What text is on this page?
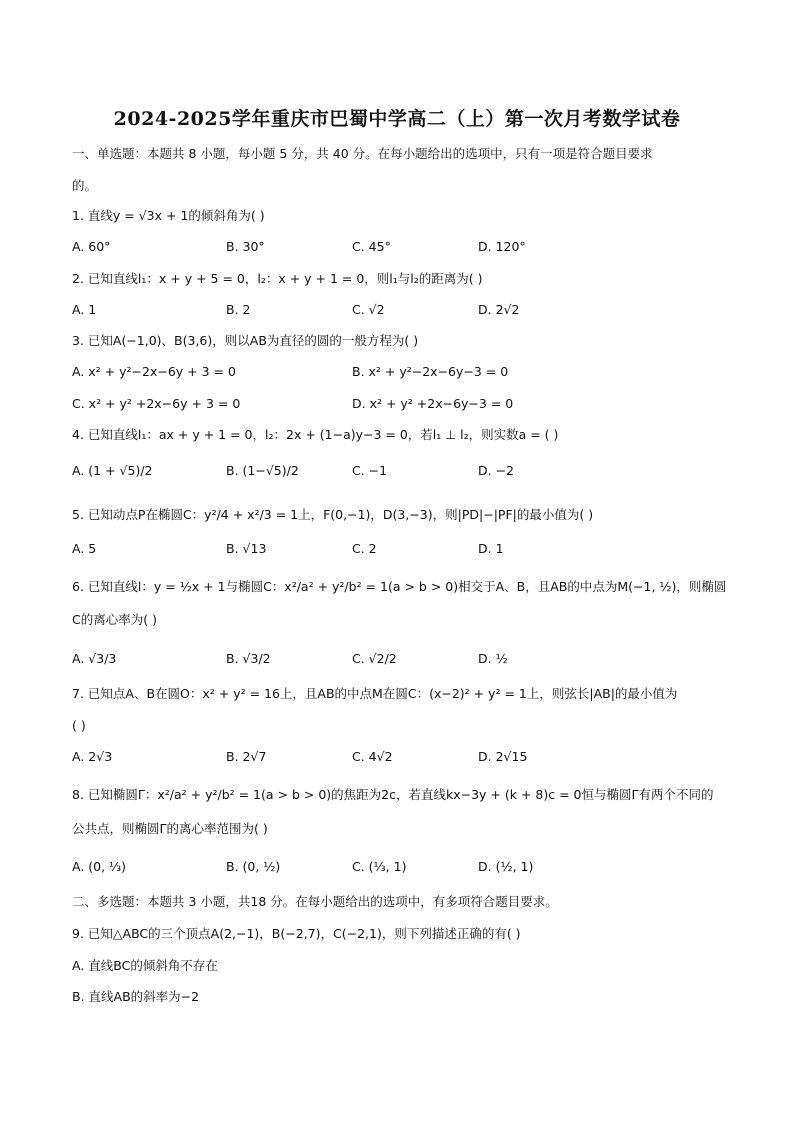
2024-2025学年重庆市巴蜀中学高二（上）第一次月考数学试卷
一、单选题：本题共 8 小题，每小题 5 分，共 40 分。在每小题给出的选项中，只有一项是符合题目要求
的。
1. 直线y = √3x + 1的倾斜角为( )
A. 60°	B. 30°	C. 45°	D. 120°
2. 已知直线l₁：x + y + 5 = 0，l₂：x + y + 1 = 0，则l₁与l₂的距离为( )
A. 1	B. 2	C. √2	D. 2√2
3. 已知A(−1,0)、B(3,6)，则以AB为直径的圆的一般方程为( )
A. x² + y²−2x−6y + 3 = 0	B. x² + y²−2x−6y−3 = 0
C. x² + y² +2x−6y + 3 = 0	D. x² + y² +2x−6y−3 = 0
4. 已知直线l₁：ax + y + 1 = 0，l₂：2x + (1−a)y−3 = 0，若l₁ ⊥ l₂，则实数a = ( )
A. (1 + √5)/2	B. (1−√5)/2	C. −1	D. −2
5. 已知动点P在椭圆C：y²/4 + x²/3 = 1上，F(0,−1)，D(3,−3)，则|PD|−|PF|的最小值为( )
A. 5	B. √13	C. 2	D. 1
6. 已知直线l：y = ½x + 1与椭圆C：x²/a² + y²/b² = 1(a > b > 0)相交于A、B，且AB的中点为M(−1, ½)，则椭圆
C的离心率为( )
A. √3/3	B. √3/2	C. √2/2	D. ½
7. 已知点A、B在圆O：x² + y² = 16上，且AB的中点M在圆C：(x−2)² + y² = 1上，则弦长|AB|的最小值为
( )
A. 2√3	B. 2√7	C. 4√2	D. 2√15
8. 已知椭圆Γ：x²/a² + y²/b² = 1(a > b > 0)的焦距为2c，若直线kx−3y + (k + 8)c = 0恒与椭圆Γ有两个不同的
公共点，则椭圆Γ的离心率范围为( )
A. (0, ⅓)	B. (0, ½)	C. (⅓, 1)	D. (½, 1)
二、多选题：本题共 3 小题，共18 分。在每小题给出的选项中，有多项符合题目要求。
9. 已知△ABC的三个顶点A(2,−1)，B(−2,7)，C(−2,1)，则下列描述正确的有( )
A. 直线BC的倾斜角不存在
B. 直线AB的斜率为−2
